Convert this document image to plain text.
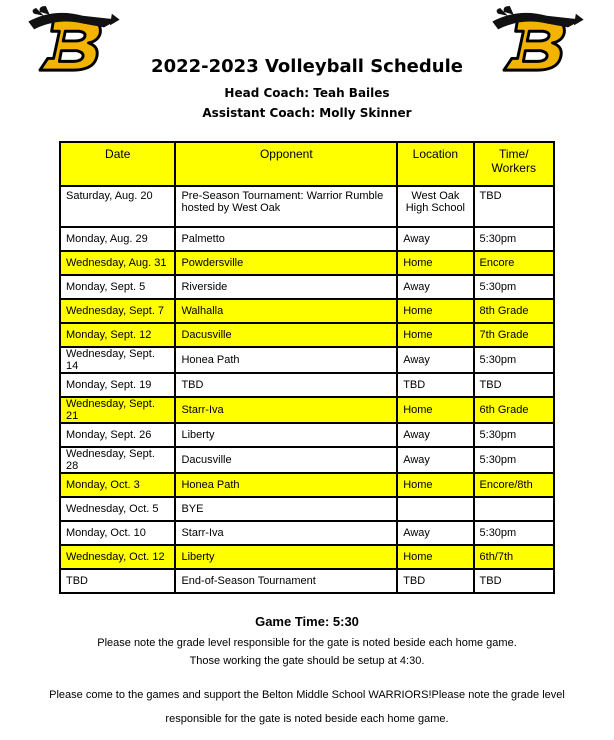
2022-2023 Volleyball Schedule
Head Coach: Teah Bailes
Assistant Coach: Molly Skinner
Date	Opponent	Location	Time/ Workers
Saturday, Aug. 20	Pre-Season Tournament: Warrior Rumble hosted by West Oak	West Oak High School	TBD
Monday, Aug. 29	Palmetto	Away	5:30pm
Wednesday, Aug. 31	Powdersville	Home	Encore
Monday, Sept. 5	Riverside	Away	5:30pm
Wednesday, Sept. 7	Walhalla	Home	8th Grade
Monday, Sept. 12	Dacusville	Home	7th Grade
Wednesday, Sept. 14	Honea Path	Away	5:30pm
Monday, Sept. 19	TBD	TBD	TBD
Wednesday, Sept. 21	Starr-Iva	Home	6th Grade
Monday, Sept. 26	Liberty	Away	5:30pm
Wednesday, Sept. 28	Dacusville	Away	5:30pm
Monday, Oct. 3	Honea Path	Home	Encore/8th
Wednesday, Oct. 5	BYE		
Monday, Oct. 10	Starr-Iva	Away	5:30pm
Wednesday, Oct. 12	Liberty	Home	6th/7th
TBD	End-of-Season Tournament	TBD	TBD
Game Time: 5:30
Please note the grade level responsible for the gate is noted beside each home game.
Those working the gate should be setup at 4:30.
Please come to the games and support the Belton Middle School WARRIORS!Please note the grade level
responsible for the gate is noted beside each home game.
